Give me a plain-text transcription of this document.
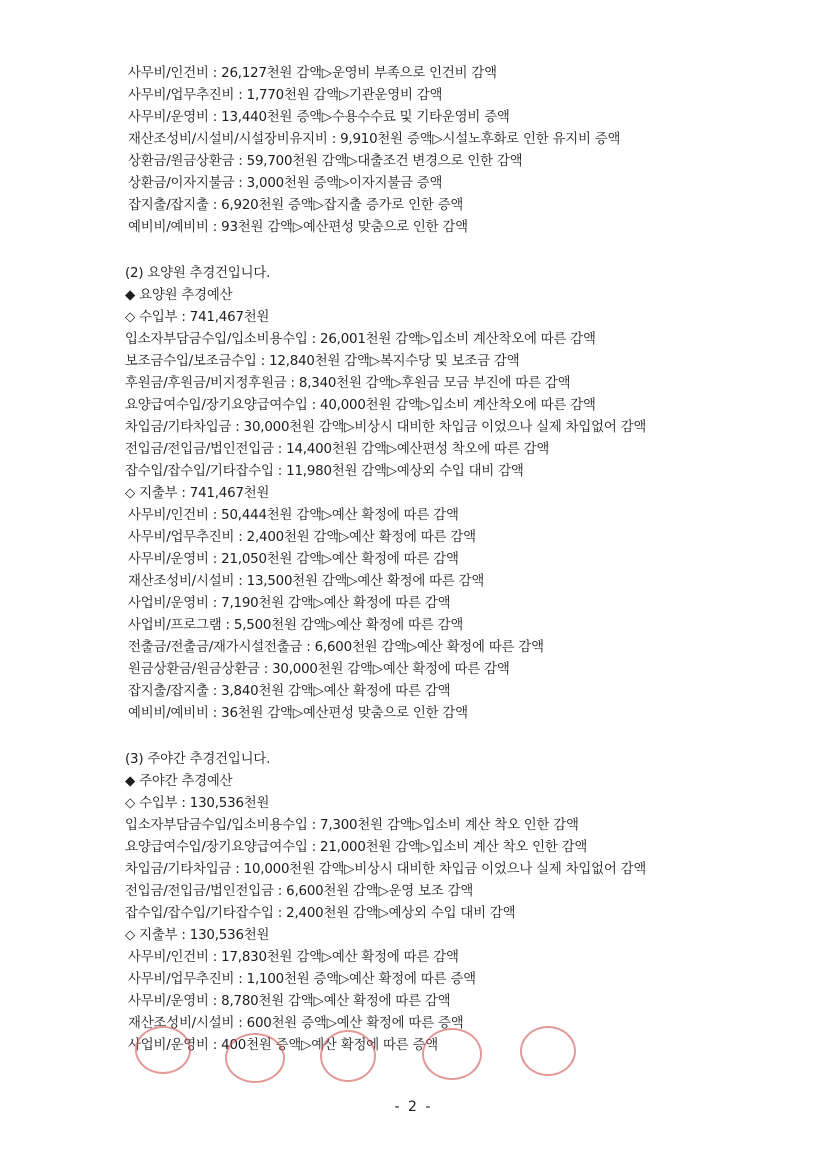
사무비/인건비 : 26,127천원 감액▷운영비 부족으로 인건비 감액
사무비/업무추진비 : 1,770천원 감액▷기관운영비 감액
사무비/운영비 : 13,440천원 증액▷수용수수료 및 기타운영비 증액
재산조성비/시설비/시설장비유지비 : 9,910천원 증액▷시설노후화로 인한 유지비 증액
상환금/원금상환금 : 59,700천원 감액▷대출조건 변경으로 인한 감액
상환금/이자지불금 : 3,000천원 증액▷이자지불금 증액
잡지출/잡지출 : 6,920천원 증액▷잡지출 증가로 인한 증액
예비비/예비비 : 93천원 감액▷예산편성 맞춤으로 인한 감액
(2) 요양원 추경건입니다.
◆ 요양원 추경예산
◇ 수입부 : 741,467천원
입소자부담금수입/입소비용수입 : 26,001천원 감액▷입소비 계산착오에 따른 감액
보조금수입/보조금수입 : 12,840천원 감액▷복지수당 및 보조금 감액
후원금/후원금/비지정후원금 : 8,340천원 감액▷후원금 모금 부진에 따른 감액
요양급여수입/장기요양급여수입 : 40,000천원 감액▷입소비 계산착오에 따른 감액
차입금/기타차입금 : 30,000천원 감액▷비상시 대비한 차입금 이었으나 실제 차입없어 감액
전입금/전입금/법인전입금 : 14,400천원 감액▷예산편성 착오에 따른 감액
잡수입/잡수입/기타잡수입 : 11,980천원 감액▷예상외 수입 대비 감액
◇ 지출부 : 741,467천원
사무비/인건비 : 50,444천원 감액▷예산 확정에 따른 감액
사무비/업무추진비 : 2,400천원 감액▷예산 확정에 따른 감액
사무비/운영비 : 21,050천원 감액▷예산 확정에 따른 감액
재산조성비/시설비 : 13,500천원 감액▷예산 확정에 따른 감액
사업비/운영비 : 7,190천원 감액▷예산 확정에 따른 감액
사업비/프로그램 : 5,500천원 감액▷예산 확정에 따른 감액
전출금/전출금/재가시설전출금 : 6,600천원 감액▷예산 확정에 따른 감액
원금상환금/원금상환금 : 30,000천원 감액▷예산 확정에 따른 감액
잡지출/잡지출 : 3,840천원 감액▷예산 확정에 따른 감액
예비비/예비비 : 36천원 감액▷예산편성 맞춤으로 인한 감액
(3) 주야간 추경건입니다.
◆ 주야간 추경예산
◇ 수입부 : 130,536천원
입소자부담금수입/입소비용수입 : 7,300천원 감액▷입소비 계산 착오 인한 감액
요양급여수입/장기요양급여수입 : 21,000천원 감액▷입소비 계산 착오 인한 감액
차입금/기타차입금 : 10,000천원 감액▷비상시 대비한 차입금 이었으나 실제 차입없어 감액
전입금/전입금/법인전입금 : 6,600천원 감액▷운영 보조 감액
잡수입/잡수입/기타잡수입 : 2,400천원 감액▷예상외 수입 대비 감액
◇ 지출부 : 130,536천원
사무비/인건비 : 17,830천원 감액▷예산 확정에 따른 감액
사무비/업무추진비 : 1,100천원 증액▷예산 확정에 따른 증액
사무비/운영비 : 8,780천원 감액▷예산 확정에 따른 감액
재산조성비/시설비 : 600천원 증액▷예산 확정에 따른 증액
사업비/운영비 : 400천원 증액▷예산 확정에 따른 증액
- 2 -
